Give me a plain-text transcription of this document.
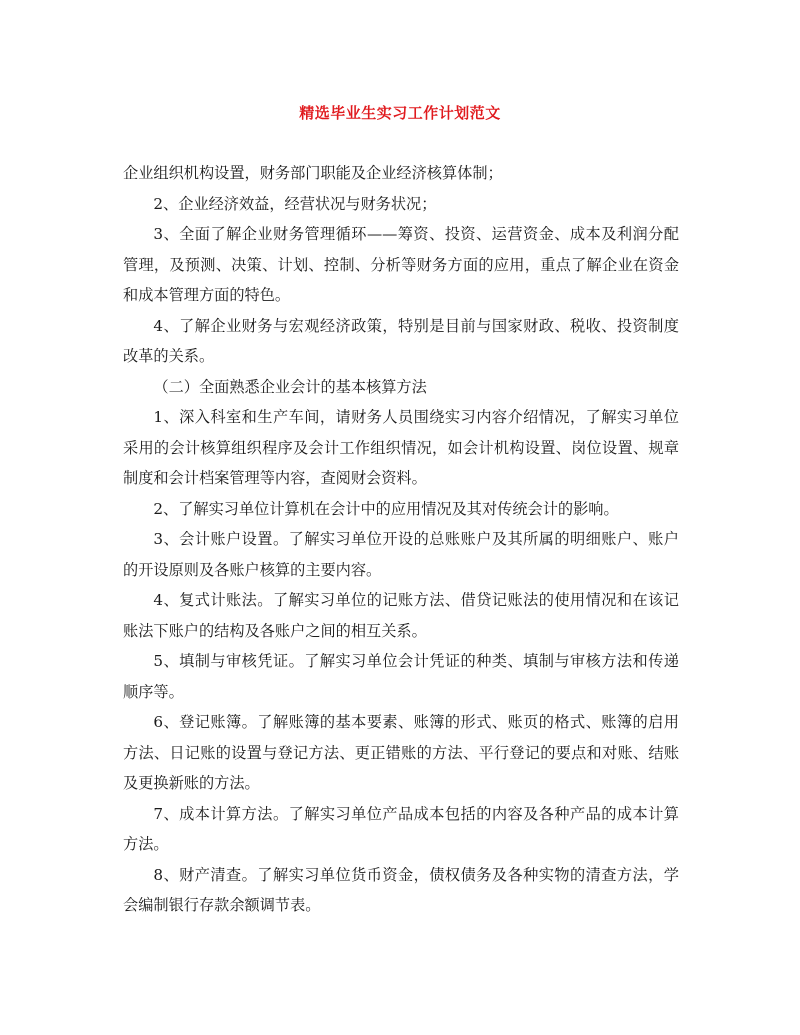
精选毕业生实习工作计划范文

企业组织机构设置，财务部门职能及企业经济核算体制；

2、企业经济效益，经营状况与财务状况；

3、全面了解企业财务管理循环——筹资、投资、运营资金、成本及利润分配管理，及预测、决策、计划、控制、分析等财务方面的应用，重点了解企业在资金和成本管理方面的特色。

4、了解企业财务与宏观经济政策，特别是目前与国家财政、税收、投资制度改革的关系。

（二）全面熟悉企业会计的基本核算方法

1、深入科室和生产车间，请财务人员围绕实习内容介绍情况，了解实习单位采用的会计核算组织程序及会计工作组织情况，如会计机构设置、岗位设置、规章制度和会计档案管理等内容，查阅财会资料。

2、了解实习单位计算机在会计中的应用情况及其对传统会计的影响。

3、会计账户设置。了解实习单位开设的总账账户及其所属的明细账户、账户的开设原则及各账户核算的主要内容。

4、复式计账法。了解实习单位的记账方法、借贷记账法的使用情况和在该记账法下账户的结构及各账户之间的相互关系。

5、填制与审核凭证。了解实习单位会计凭证的种类、填制与审核方法和传递顺序等。

6、登记账簿。了解账簿的基本要素、账簿的形式、账页的格式、账簿的启用方法、日记账的设置与登记方法、更正错账的方法、平行登记的要点和对账、结账及更换新账的方法。

7、成本计算方法。了解实习单位产品成本包括的内容及各种产品的成本计算方法。

8、财产清查。了解实习单位货币资金，债权债务及各种实物的清查方法，学会编制银行存款余额调节表。
